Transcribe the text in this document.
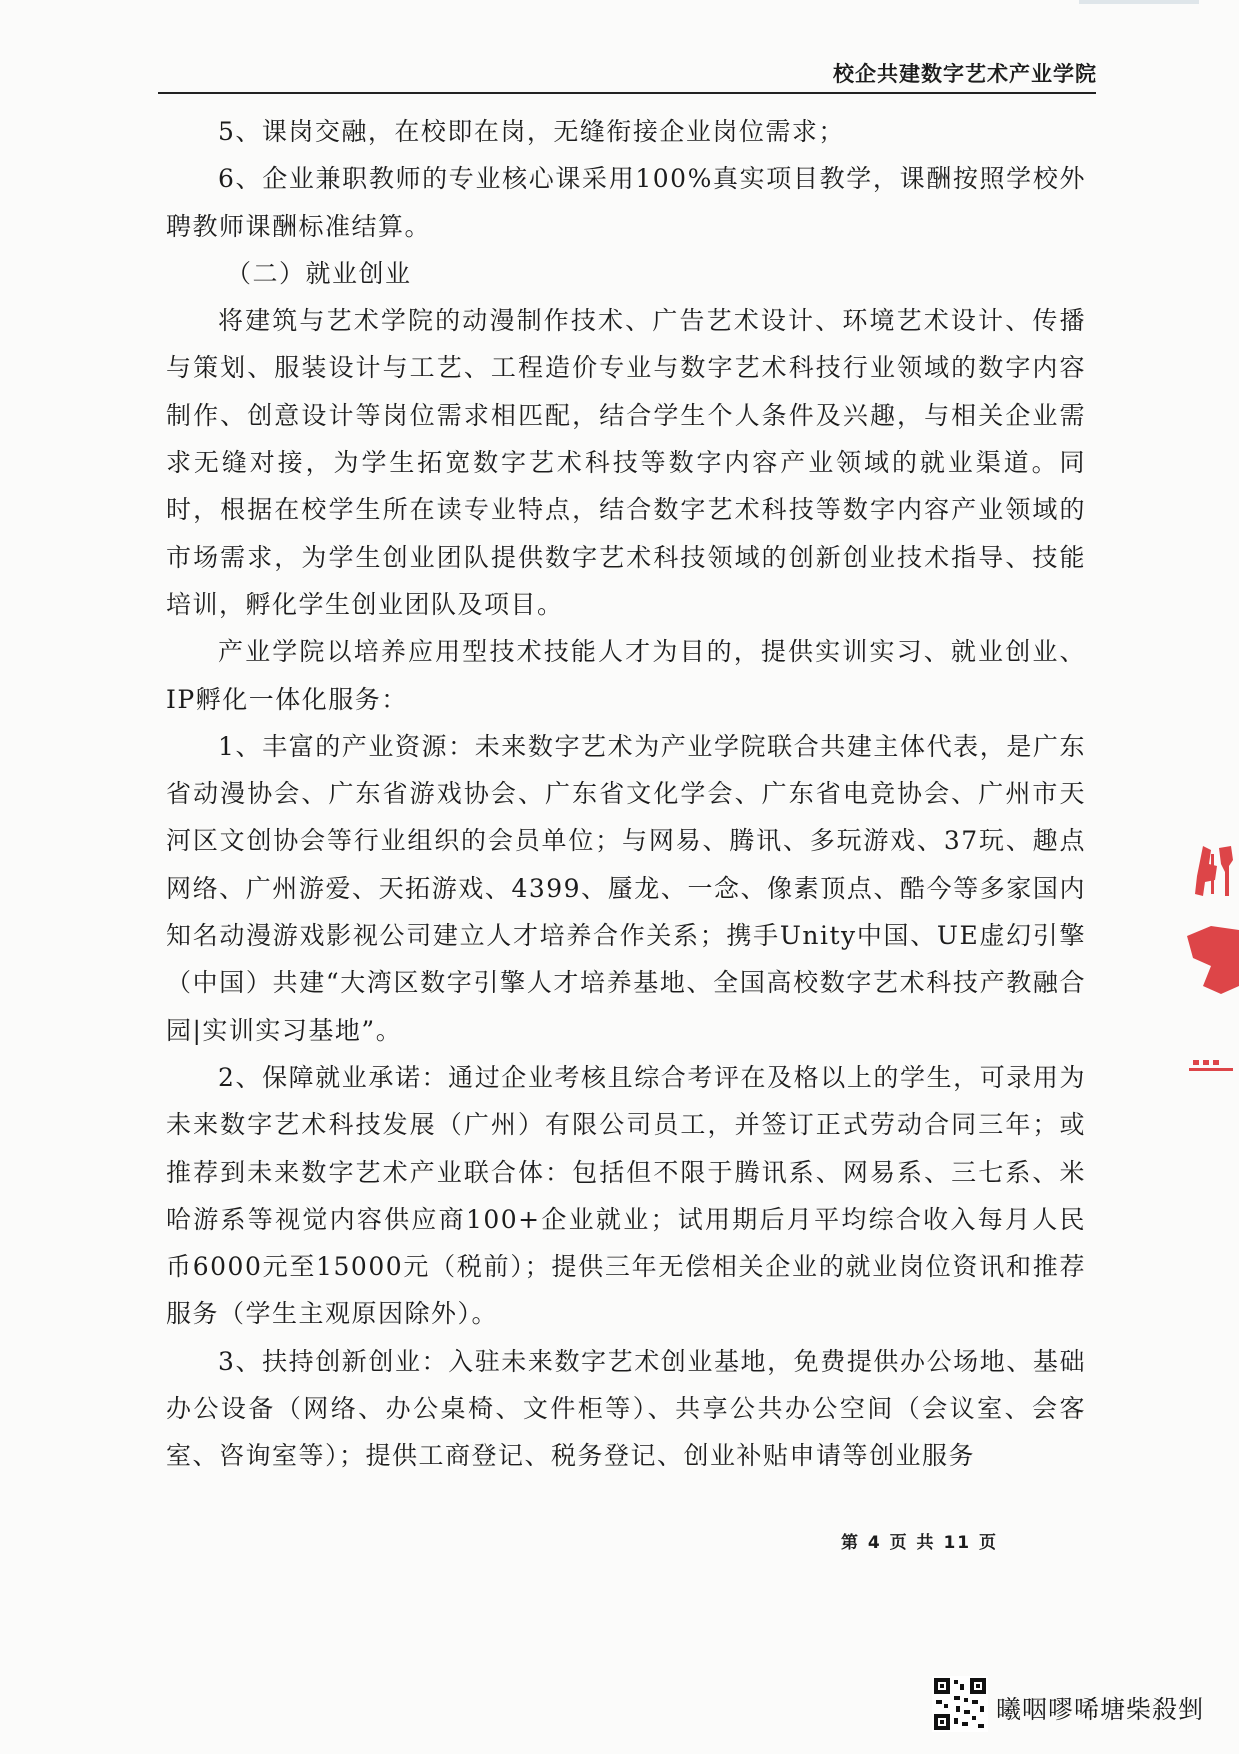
校企共建数字艺术产业学院

5、课岗交融，在校即在岗，无缝衔接企业岗位需求；

6、企业兼职教师的专业核心课采用100%真实项目教学，课酬按照学校外聘教师课酬标准结算。

（二）就业创业

将建筑与艺术学院的动漫制作技术、广告艺术设计、环境艺术设计、传播与策划、服装设计与工艺、工程造价专业与数字艺术科技行业领域的数字内容制作、创意设计等岗位需求相匹配，结合学生个人条件及兴趣，与相关企业需求无缝对接，为学生拓宽数字艺术科技等数字内容产业领域的就业渠道。同时，根据在校学生所在读专业特点，结合数字艺术科技等数字内容产业领域的市场需求，为学生创业团队提供数字艺术科技领域的创新创业技术指导、技能培训，孵化学生创业团队及项目。

产业学院以培养应用型技术技能人才为目的，提供实训实习、就业创业、IP孵化一体化服务：

1、丰富的产业资源：未来数字艺术为产业学院联合共建主体代表，是广东省动漫协会、广东省游戏协会、广东省文化学会、广东省电竞协会、广州市天河区文创协会等行业组织的会员单位；与网易、腾讯、多玩游戏、37玩、趣点网络、广州游爱、天拓游戏、4399、蜃龙、一念、像素顶点、酷今等多家国内知名动漫游戏影视公司建立人才培养合作关系；携手Unity中国、UE虚幻引擎（中国）共建“大湾区数字引擎人才培养基地、全国高校数字艺术科技产教融合园|实训实习基地”。

2、保障就业承诺：通过企业考核且综合考评在及格以上的学生，可录用为未来数字艺术科技发展（广州）有限公司员工，并签订正式劳动合同三年；或推荐到未来数字艺术产业联合体：包括但不限于腾讯系、网易系、三七系、米哈游系等视觉内容供应商100+企业就业；试用期后月平均综合收入每月人民币6000元至15000元（税前）；提供三年无偿相关企业的就业岗位资讯和推荐服务（学生主观原因除外）。

3、扶持创新创业：入驻未来数字艺术创业基地，免费提供办公场地、基础办公设备（网络、办公桌椅、文件柜等）、共享公共办公空间（会议室、会客室、咨询室等）；提供工商登记、税务登记、创业补贴申请等创业服务

第 4 页 共 11 页
曦咽嘐唏塘柴殺剉
